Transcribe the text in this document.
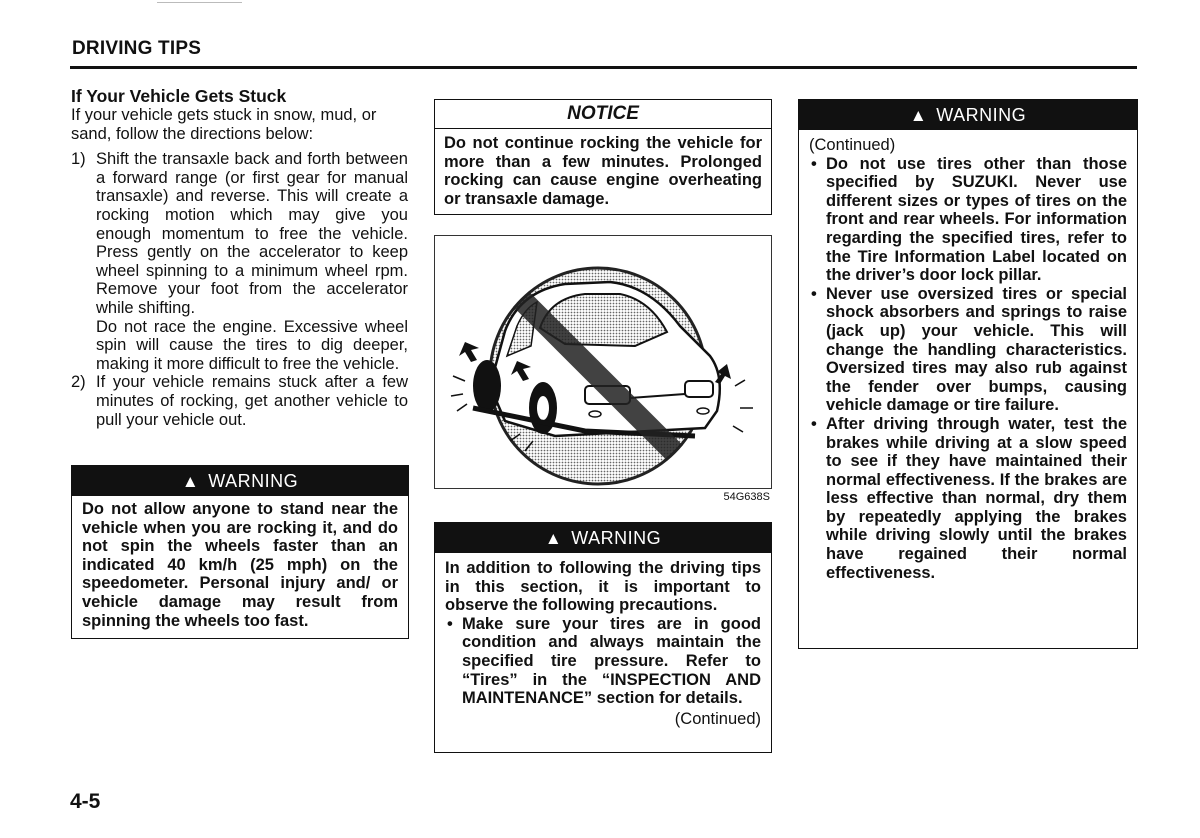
DRIVING TIPS
If Your Vehicle Gets Stuck

If your vehicle gets stuck in snow, mud, or sand, follow the directions below:

1) Shift the transaxle back and forth between a forward range (or first gear for manual transaxle) and reverse. This will create a rocking motion which may give you enough momentum to free the vehicle. Press gently on the accelerator to keep wheel spinning to a minimum wheel rpm. Remove your foot from the accelerator while shifting.
Do not race the engine. Excessive wheel spin will cause the tires to dig deeper, making it more difficult to free the vehicle.
2) If your vehicle remains stuck after a few minutes of rocking, get another vehicle to pull your vehicle out.
▲ WARNING
Do not allow anyone to stand near the vehicle when you are rocking it, and do not spin the wheels faster than an indicated 40 km/h (25 mph) on the speedometer. Personal injury and/ or vehicle damage may result from spinning the wheels too fast.
NOTICE
Do not continue rocking the vehicle for more than a few minutes. Prolonged rocking can cause engine overheating or transaxle damage.
54G638S
▲ WARNING
In addition to following the driving tips in this section, it is important to observe the following precautions.
• Make sure your tires are in good condition and always maintain the specified tire pressure. Refer to “Tires” in the “INSPECTION AND MAINTENANCE” section for details.
(Continued)
▲ WARNING
(Continued)
• Do not use tires other than those specified by SUZUKI. Never use different sizes or types of tires on the front and rear wheels. For information regarding the specified tires, refer to the Tire Information Label located on the driver’s door lock pillar.
• Never use oversized tires or special shock absorbers and springs to raise (jack up) your vehicle. This will change the handling characteristics. Oversized tires may also rub against the fender over bumps, causing vehicle damage or tire failure.
• After driving through water, test the brakes while driving at a slow speed to see if they have maintained their normal effectiveness. If the brakes are less effective than normal, dry them by repeatedly applying the brakes while driving slowly until the brakes have regained their normal effectiveness.
4-5
